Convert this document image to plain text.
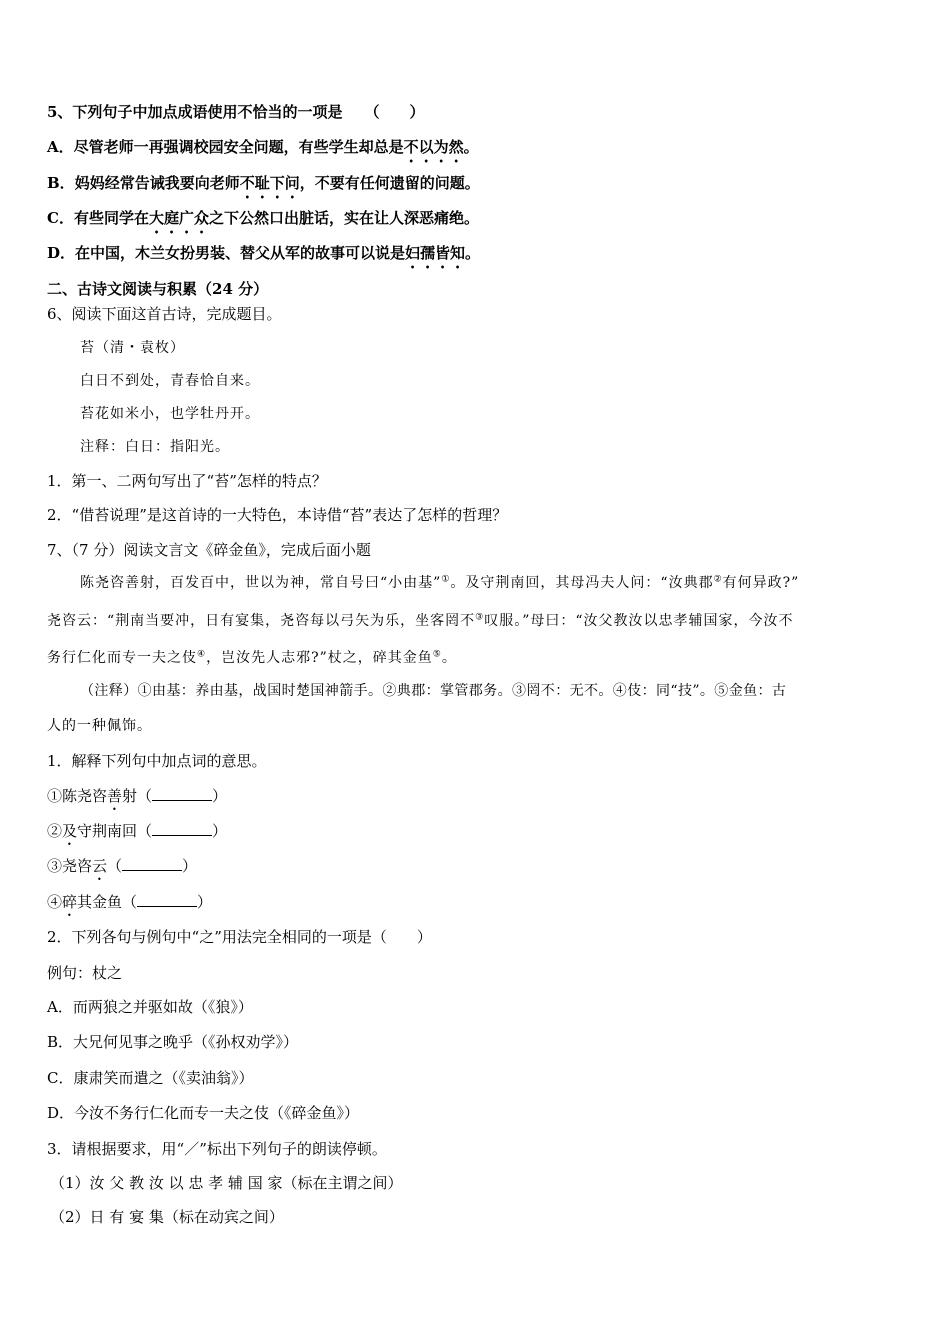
5、下列句子中加点成语使用不恰当的一项是 （　　）
A．尽管老师一再强调校园安全问题，有些学生却总是不以为然。
B．妈妈经常告诫我要向老师不耻下问，不要有任何遗留的问题。
C．有些同学在大庭广众之下公然口出脏话，实在让人深恶痛绝。
D．在中国，木兰女扮男装、替父从军的故事可以说是妇孺皆知。
二、古诗文阅读与积累（24 分）
6、阅读下面这首古诗，完成题目。
苔（清・袁枚）
白日不到处，青春恰自来。
苔花如米小，也学牡丹开。
注释：白日：指阳光。
1．第一、二两句写出了“苔”怎样的特点？
2．“借苔说理”是这首诗的一大特色，本诗借“苔”表达了怎样的哲理？
7、（7 分）阅读文言文《碎金鱼》，完成后面小题
陈尧咨善射，百发百中，世以为神，常自号曰“小由基”①。及守荆南回，其母冯夫人问：“汝典郡②有何异政?”
尧咨云：“荆南当要冲，日有宴集，尧咨每以弓矢为乐，坐客罔不③叹服。”母曰：“汝父教汝以忠孝辅国家，今汝不
务行仁化而专一夫之伎④，岂汝先人志邪?”杖之，碎其金鱼⑤。
（注释）①由基：养由基，战国时楚国神箭手。②典郡：掌管郡务。③罔不：无不。④伎：同“技”。⑤金鱼：古
人的一种佩饰。
1．解释下列句中加点词的意思。
①陈尧咨善射（	）
②及守荆南回（	）
③尧咨云（	）
④碎其金鱼（	）
2．下列各句与例句中“之”用法完全相同的一项是（　　）
例句：杖之
A．而两狼之并驱如故（《狼》）
B．大兄何见事之晚乎（《孙权劝学》）
C．康肃笑而遣之（《卖油翁》）
D．今汝不务行仁化而专一夫之伎（《碎金鱼》）
3．请根据要求，用“／”标出下列句子的朗读停顿。
（1）汝 父 教 汝 以 忠 孝 辅 国 家（标在主谓之间）
（2）日 有 宴 集（标在动宾之间）
